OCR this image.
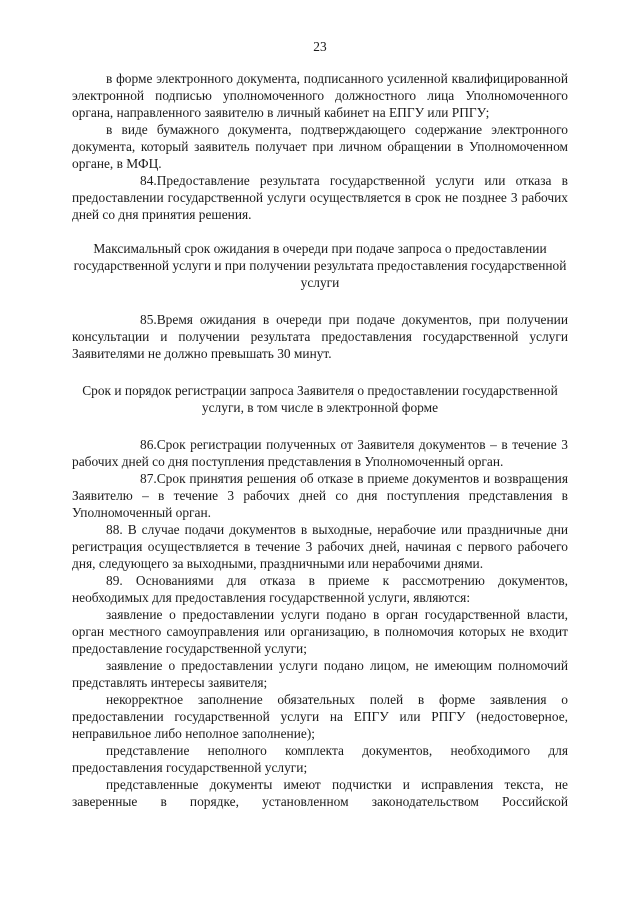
23

в форме электронного документа, подписанного усиленной квалифицированной электронной подписью уполномоченного должностного лица Уполномоченного органа, направленного заявителю в личный кабинет на ЕПГУ или РПГУ;

в виде бумажного документа, подтверждающего содержание электронного документа, который заявитель получает при личном обращении в Уполномоченном органе, в МФЦ.

84.Предоставление результата государственной услуги или отказа в предоставлении государственной услуги осуществляется в срок не позднее 3 рабочих дней со дня принятия решения.

Максимальный срок ожидания в очереди при подаче запроса о предоставлении государственной услуги и при получении результата предоставления государственной услуги

85.Время ожидания в очереди при подаче документов, при получении консультации и получении результата предоставления государственной услуги Заявителями не должно превышать 30 минут.

Срок и порядок регистрации запроса Заявителя о предоставлении государственной услуги, в том числе в электронной форме

86.Срок регистрации полученных от Заявителя документов – в течение 3 рабочих дней со дня поступления представления в Уполномоченный орган.

87.Срок принятия решения об отказе в приеме документов и возвращения Заявителю – в течение 3 рабочих дней со дня поступления представления в Уполномоченный орган.

88. В случае подачи документов в выходные, нерабочие или праздничные дни регистрация осуществляется в течение 3 рабочих дней, начиная с первого рабочего дня, следующего за выходными, праздничными или нерабочими днями.

89. Основаниями для отказа в приеме к рассмотрению документов, необходимых для предоставления государственной услуги, являются:

заявление о предоставлении услуги подано в орган государственной власти, орган местного самоуправления или организацию, в полномочия которых не входит предоставление государственной услуги;

заявление о предоставлении услуги подано лицом, не имеющим полномочий представлять интересы заявителя;

некорректное заполнение обязательных полей в форме заявления о предоставлении государственной услуги на ЕПГУ или РПГУ (недостоверное, неправильное либо неполное заполнение);

представление неполного комплекта документов, необходимого для предоставления государственной услуги;

представленные документы имеют подчистки и исправления текста, не заверенные в порядке, установленном законодательством Российской
